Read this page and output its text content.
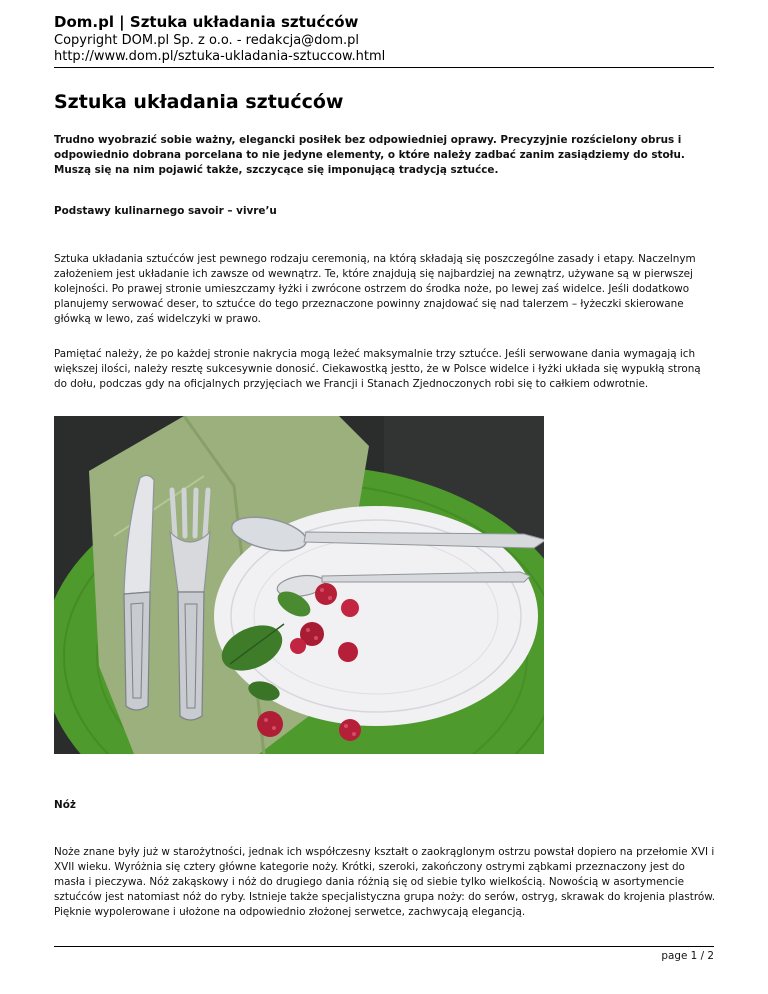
Dom.pl | Sztuka układania sztućców
Copyright DOM.pl Sp. z o.o. - redakcja@dom.pl
http://www.dom.pl/sztuka-ukladania-sztuccow.html
Sztuka układania sztućców

Trudno wyobrazić sobie ważny, elegancki posiłek bez odpowiedniej oprawy. Precyzyjnie rozścielony obrus i odpowiednio dobrana porcelana to nie jedyne elementy, o które należy zadbać zanim zasiądziemy do stołu. Muszą się na nim pojawić także, szczycące się imponującą tradycją sztućce.

Podstawy kulinarnego savoir – vivre’u

Sztuka układania sztućców jest pewnego rodzaju ceremonią, na którą składają się poszczególne zasady i etapy. Naczelnym założeniem jest układanie ich zawsze od wewnątrz. Te, które znajdują się najbardziej na zewnątrz, używane są w pierwszej kolejności. Po prawej stronie umieszczamy łyżki i zwrócone ostrzem do środka noże, po lewej zaś widelce. Jeśli dodatkowo planujemy serwować deser, to sztućce do tego przeznaczone powinny znajdować się nad talerzem – łyżeczki skierowane główką w lewo, zaś widelczyki w prawo.

Pamiętać należy, że po każdej stronie nakrycia mogą leżeć maksymalnie trzy sztućce. Jeśli serwowane dania wymagają ich większej ilości, należy resztę sukcesywnie donosić. Ciekawostką jestto, że w Polsce widelce i łyżki układa się wypukłą stroną do dołu, podczas gdy na oficjalnych przyjęciach we Francji i Stanach Zjednoczonych robi się to całkiem odwrotnie.

Nóż

Noże znane były już w starożytności, jednak ich współczesny kształt o zaokrąglonym ostrzu powstał dopiero na przełomie XVI i XVII wieku. Wyróżnia się cztery główne kategorie noży. Krótki, szeroki, zakończony ostrymi ząbkami przeznaczony jest do masła i pieczywa. Nóż zakąskowy i nóż do drugiego dania różnią się od siebie tylko wielkością. Nowością w asortymencie sztućców jest natomiast nóż do ryby. Istnieje także specjalistyczna grupa noży: do serów, ostryg, skrawak do krojenia plastrów. Pięknie wypolerowane i ułożone na odpowiednio złożonej serwetce, zachwycają elegancją.

page 1 / 2
